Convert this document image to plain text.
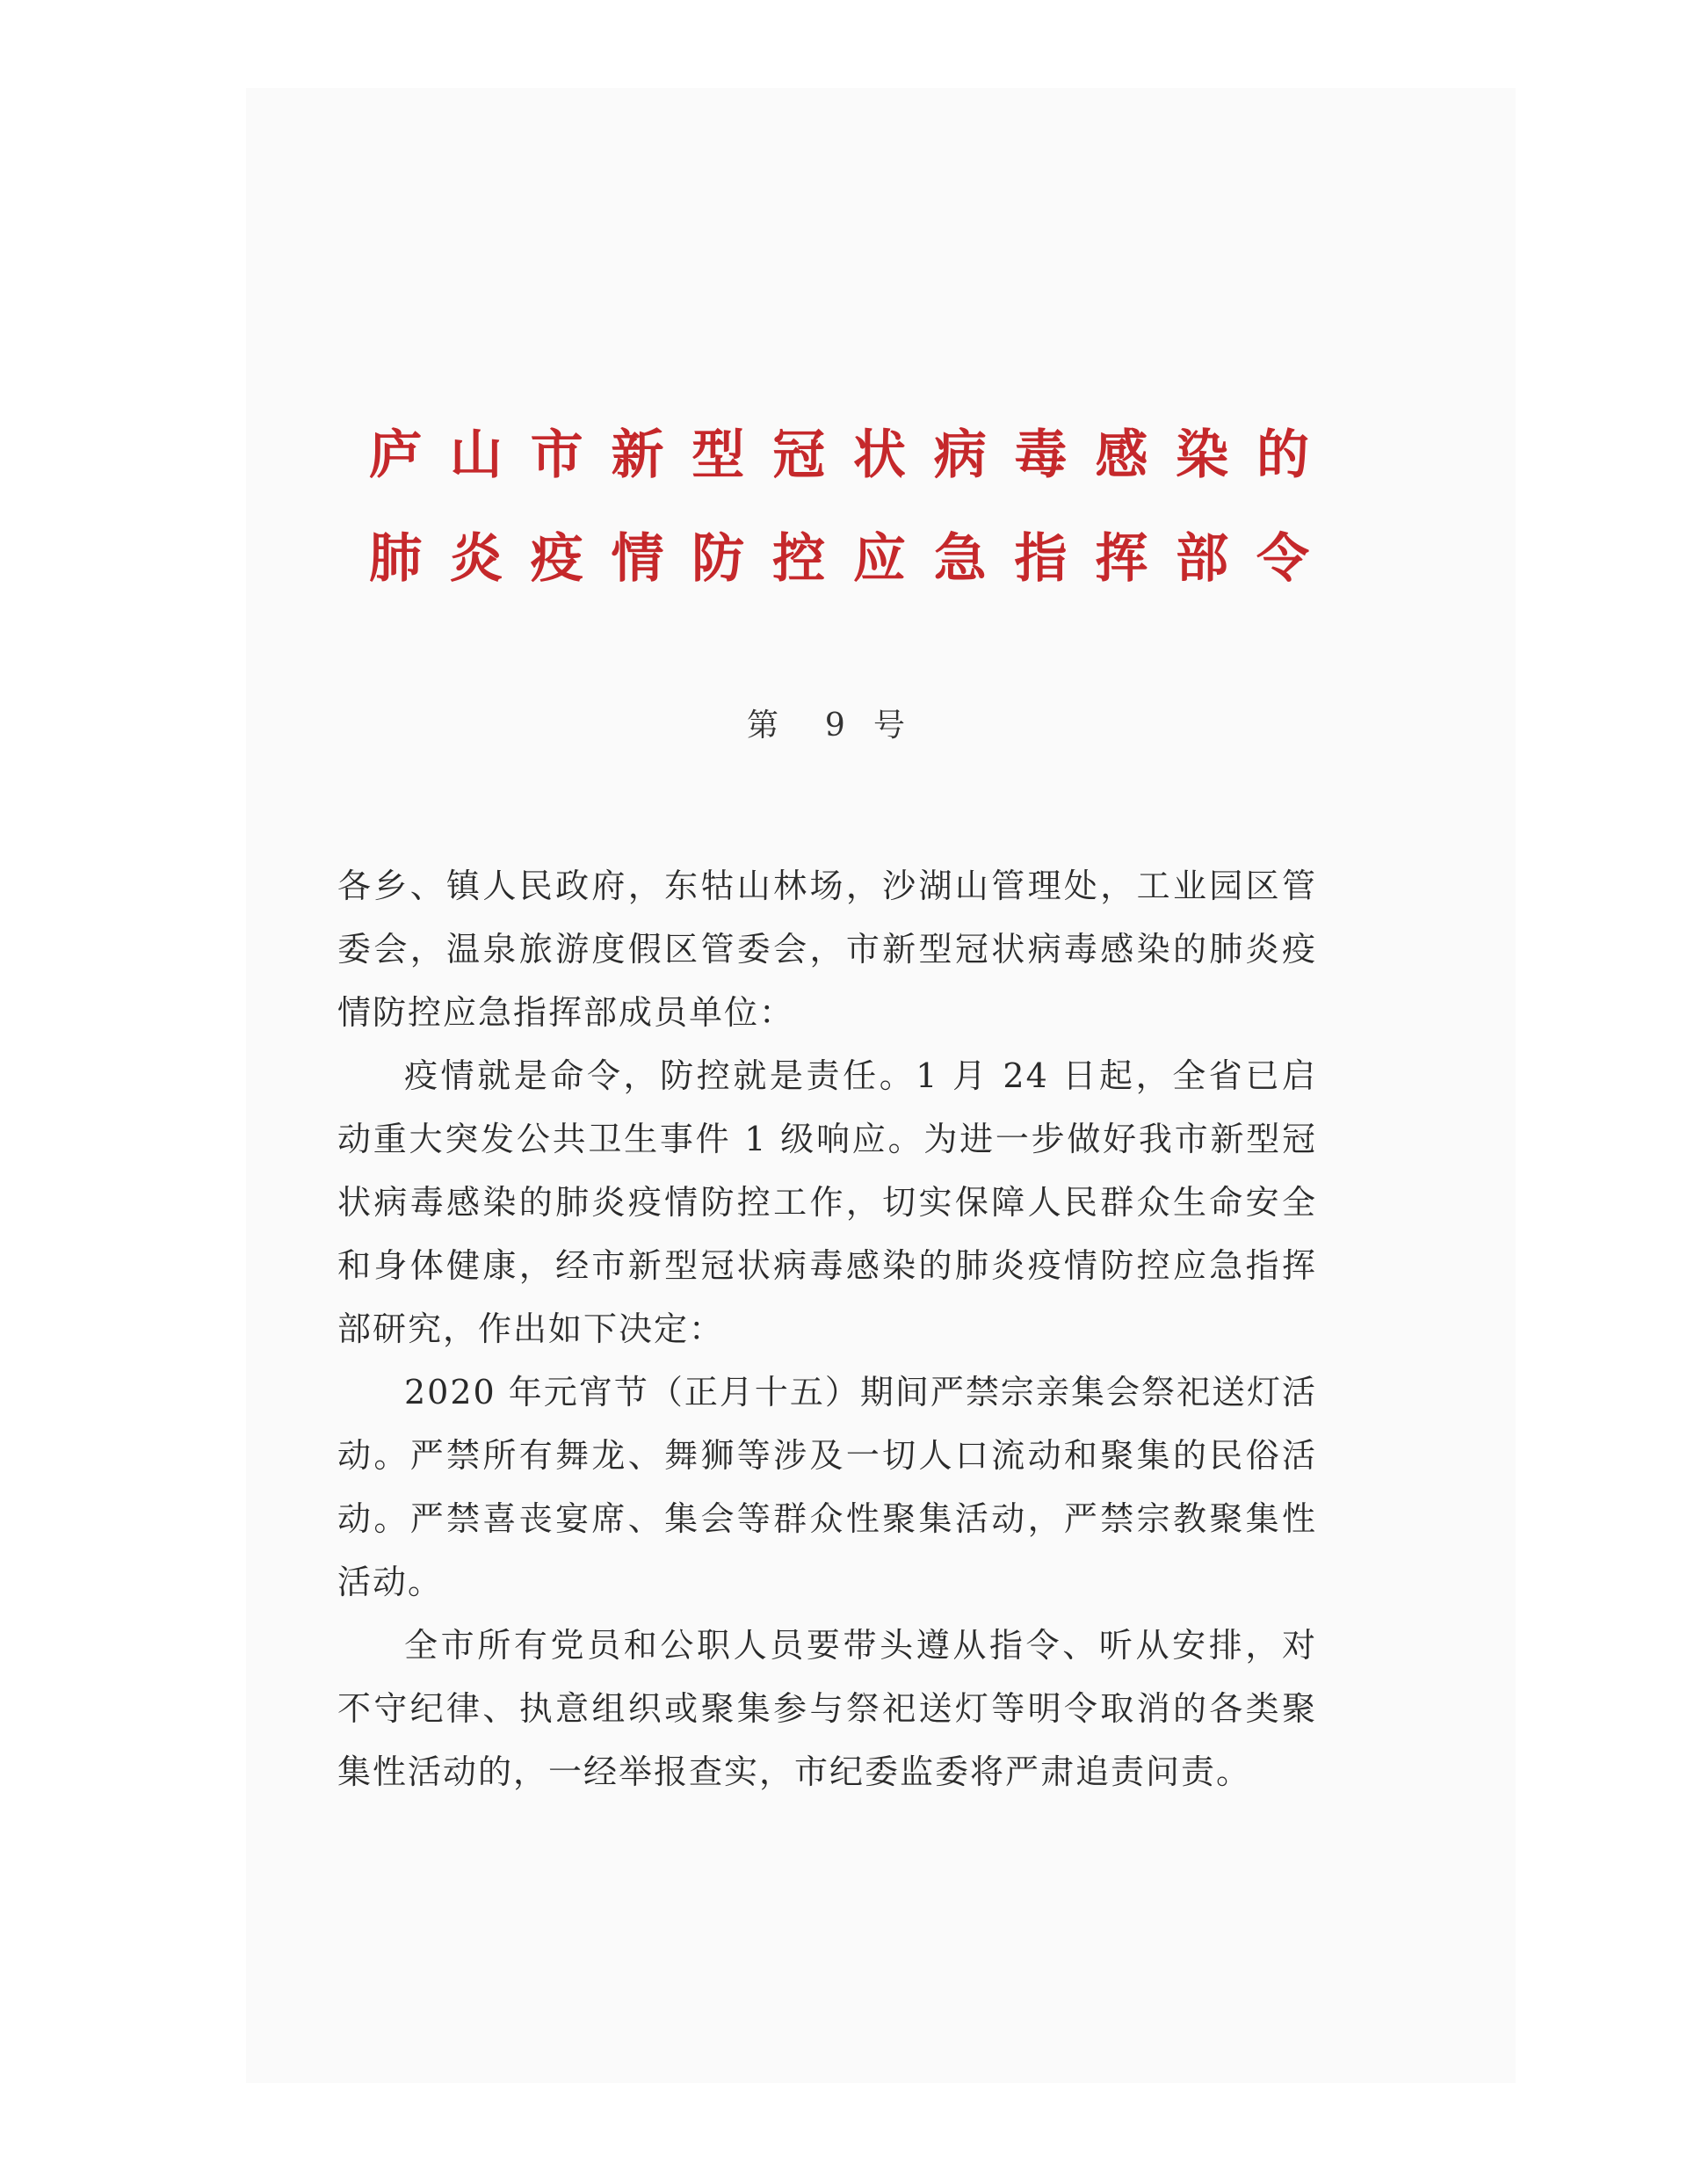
庐山市新型冠状病毒感染的
肺炎疫情防控应急指挥部令
第 9 号

各乡、镇人民政府，东牯山林场，沙湖山管理处，工业园区管委会，温泉旅游度假区管委会，市新型冠状病毒感染的肺炎疫情防控应急指挥部成员单位：

疫情就是命令，防控就是责任。1 月 24 日起，全省已启动重大突发公共卫生事件 1 级响应。为进一步做好我市新型冠状病毒感染的肺炎疫情防控工作，切实保障人民群众生命安全和身体健康，经市新型冠状病毒感染的肺炎疫情防控应急指挥部研究，作出如下决定：

2020 年元宵节（正月十五）期间严禁宗亲集会祭祀送灯活动。严禁所有舞龙、舞狮等涉及一切人口流动和聚集的民俗活动。严禁喜丧宴席、集会等群众性聚集活动，严禁宗教聚集性活动。

全市所有党员和公职人员要带头遵从指令、听从安排，对不守纪律、执意组织或聚集参与祭祀送灯等明令取消的各类聚集性活动的，一经举报查实，市纪委监委将严肃追责问责。
